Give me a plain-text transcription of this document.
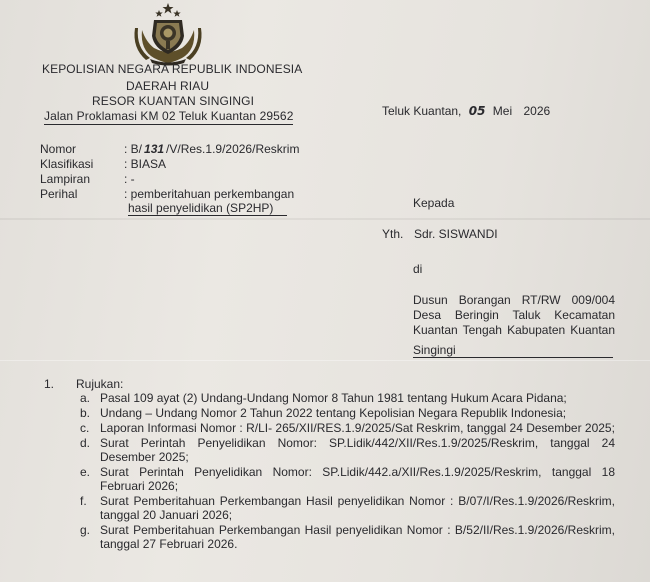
KEPOLISIAN NEGARA REPUBLIK INDONESIA
DAERAH RIAU
RESOR KUANTAN SINGINGI
Jalan Proklamasi KM 02 Teluk Kuantan 29562	Teluk Kuantan, 05 Mei 2026
Nomor	: B/ 131 /V/Res.1.9/2026/Reskrim
Klasifikasi	: BIASA
Lampiran	: -
Perihal	: pemberitahuan perkembangan
hasil penyelidikan (SP2HP)	Kepada
Yth. Sdr. SISWANDI
di
Dusun Borangan RT/RW 009/004 Desa Beringin Taluk Kecamatan Kuantan Tengah Kabupaten Kuantan
Singingi
1. Rujukan:
a. Pasal 109 ayat (2) Undang-Undang Nomor 8 Tahun 1981 tentang Hukum Acara Pidana;
b. Undang – Undang Nomor 2 Tahun 2022 tentang Kepolisian Negara Republik Indonesia;
c. Laporan Informasi Nomor : R/LI- 265/XII/RES.1.9/2025/Sat Reskrim, tanggal 24 Desember 2025;
d. Surat Perintah Penyelidikan Nomor: SP.Lidik/442/XII/Res.1.9/2025/Reskrim, tanggal 24 Desember 2025;
e. Surat Perintah Penyelidikan Nomor: SP.Lidik/442.a/XII/Res.1.9/2025/Reskrim, tanggal 18 Februari 2026;
f. Surat Pemberitahuan Perkembangan Hasil penyelidikan Nomor : B/07/I/Res.1.9/2026/Reskrim, tanggal 20 Januari 2026;
g. Surat Pemberitahuan Perkembangan Hasil penyelidikan Nomor : B/52/II/Res.1.9/2026/Reskrim, tanggal 27 Februari 2026.
